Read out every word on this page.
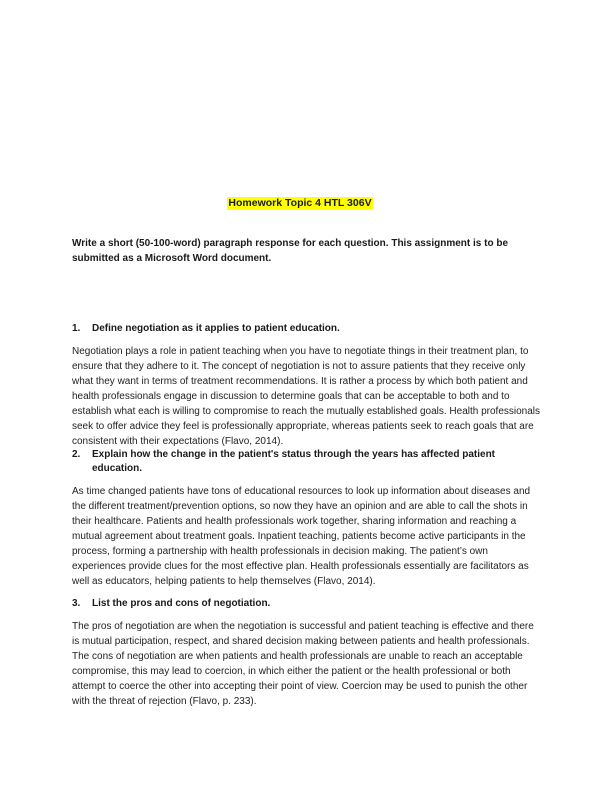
Homework Topic 4 HTL 306V

Write a short (50-100-word) paragraph response for each question. This assignment is to be submitted as a Microsoft Word document.

1.	Define negotiation as it applies to patient education.

Negotiation plays a role in patient teaching when you have to negotiate things in their treatment plan, to ensure that they adhere to it. The concept of negotiation is not to assure patients that they receive only what they want in terms of treatment recommendations. It is rather a process by which both patient and health professionals engage in discussion to determine goals that can be acceptable to both and to establish what each is willing to compromise to reach the mutually established goals. Health professionals seek to offer advice they feel is professionally appropriate, whereas patients seek to reach goals that are consistent with their expectations (Flavo, 2014).

2.	Explain how the change in the patient's status through the years has affected patient education.

As time changed patients have tons of educational resources to look up information about diseases and the different treatment/prevention options, so now they have an opinion and are able to call the shots in their healthcare. Patients and health professionals work together, sharing information and reaching a mutual agreement about treatment goals. Inpatient teaching, patients become active participants in the process, forming a partnership with health professionals in decision making. The patient’s own experiences provide clues for the most effective plan. Health professionals essentially are facilitators as well as educators, helping patients to help themselves (Flavo, 2014).

3.	List the pros and cons of negotiation.

The pros of negotiation are when the negotiation is successful and patient teaching is effective and there is mutual participation, respect, and shared decision making between patients and health professionals. The cons of negotiation are when patients and health professionals are unable to reach an acceptable compromise, this may lead to coercion, in which either the patient or the health professional or both attempt to coerce the other into accepting their point of view. Coercion may be used to punish the other with the threat of rejection (Flavo, p. 233).
